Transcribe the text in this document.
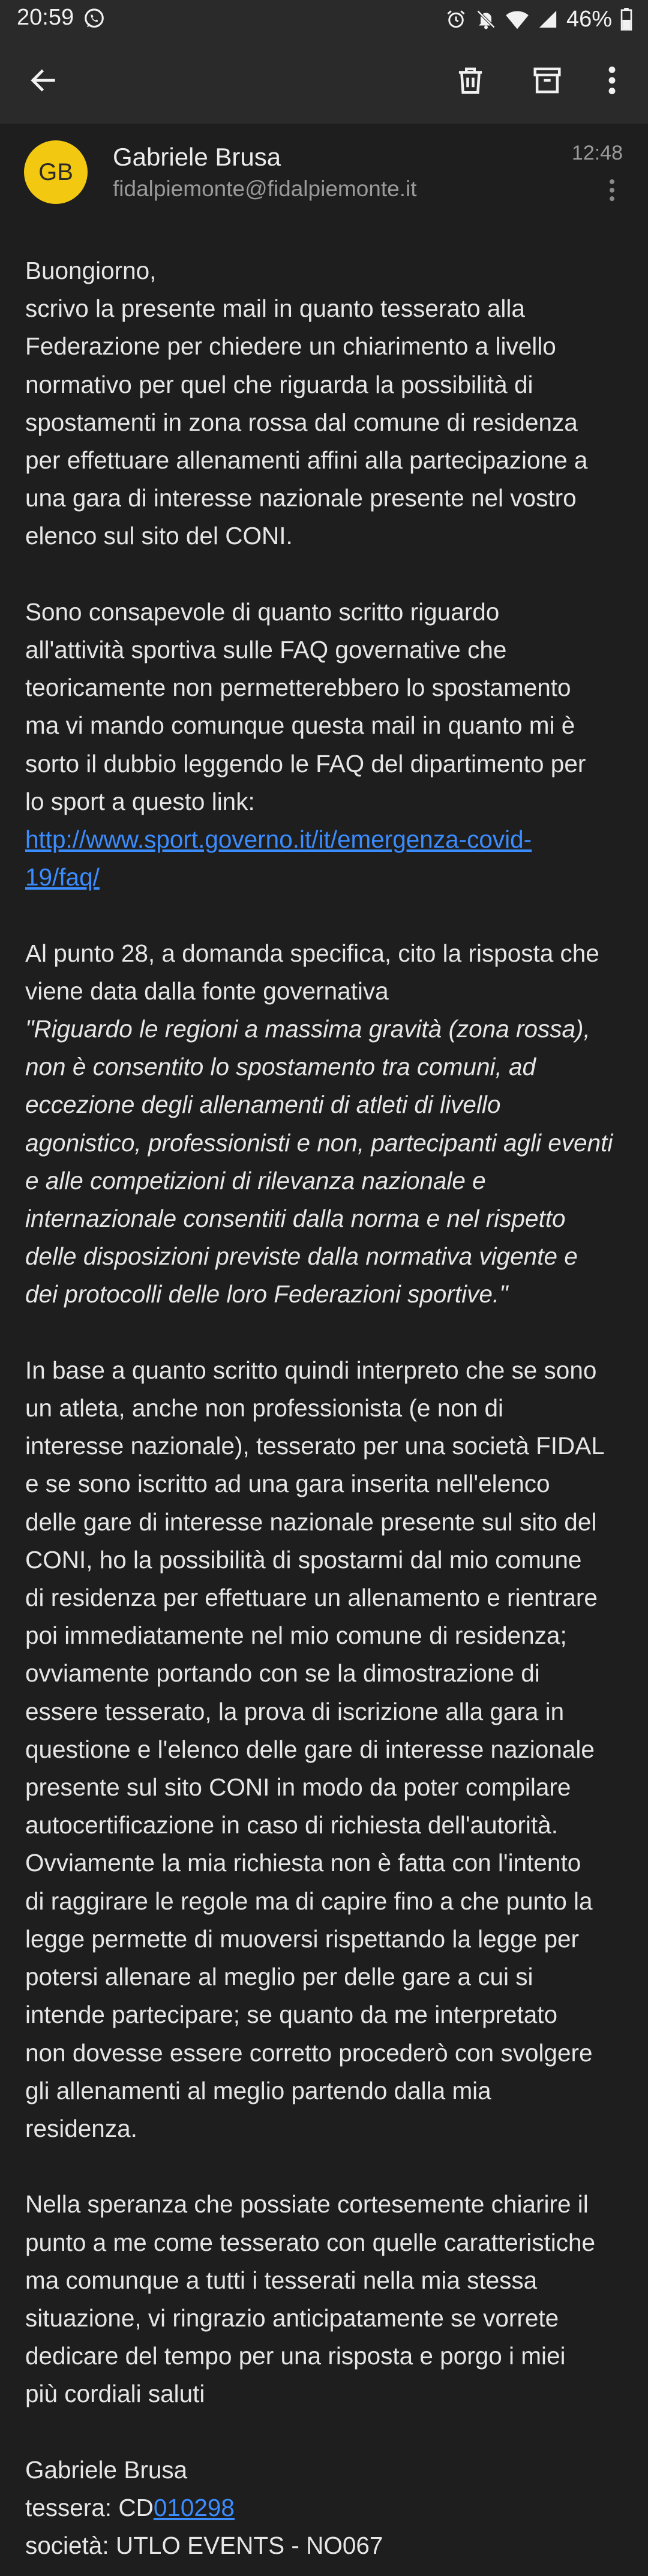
20:59	46%
GB
Gabriele Brusa
fidalpiemonte@fidalpiemonte.it
12:48

Buongiorno,
scrivo la presente mail in quanto tesserato alla
Federazione per chiedere un chiarimento a livello
normativo per quel che riguarda la possibilità di
spostamenti in zona rossa dal comune di residenza
per effettuare allenamenti affini alla partecipazione a
una gara di interesse nazionale presente nel vostro
elenco sul sito del CONI.

Sono consapevole di quanto scritto riguardo
all'attività sportiva sulle FAQ governative che
teoricamente non permetterebbero lo spostamento
ma vi mando comunque questa mail in quanto mi è
sorto il dubbio leggendo le FAQ del dipartimento per
lo sport a questo link:
http://www.sport.governo.it/it/emergenza-covid-
19/faq/

Al punto 28, a domanda specifica, cito la risposta che
viene data dalla fonte governativa
"Riguardo le regioni a massima gravità (zona rossa),
non è consentito lo spostamento tra comuni, ad
eccezione degli allenamenti di atleti di livello
agonistico, professionisti e non, partecipanti agli eventi
e alle competizioni di rilevanza nazionale e
internazionale consentiti dalla norma e nel rispetto
delle disposizioni previste dalla normativa vigente e
dei protocolli delle loro Federazioni sportive."

In base a quanto scritto quindi interpreto che se sono
un atleta, anche non professionista (e non di
interesse nazionale), tesserato per una società FIDAL
e se sono iscritto ad una gara inserita nell'elenco
delle gare di interesse nazionale presente sul sito del
CONI, ho la possibilità di spostarmi dal mio comune
di residenza per effettuare un allenamento e rientrare
poi immediatamente nel mio comune di residenza;
ovviamente portando con se la dimostrazione di
essere tesserato, la prova di iscrizione alla gara in
questione e l'elenco delle gare di interesse nazionale
presente sul sito CONI in modo da poter compilare
autocertificazione in caso di richiesta dell'autorità.
Ovviamente la mia richiesta non è fatta con l'intento
di raggirare le regole ma di capire fino a che punto la
legge permette di muoversi rispettando la legge per
potersi allenare al meglio per delle gare a cui si
intende partecipare; se quanto da me interpretato
non dovesse essere corretto procederò con svolgere
gli allenamenti al meglio partendo dalla mia
residenza.

Nella speranza che possiate cortesemente chiarire il
punto a me come tesserato con quelle caratteristiche
ma comunque a tutti i tesserati nella mia stessa
situazione, vi ringrazio anticipatamente se vorrete
dedicare del tempo per una risposta e porgo i miei
più cordiali saluti

Gabriele Brusa
tessera: CD010298
società: UTLO EVENTS - NO067
